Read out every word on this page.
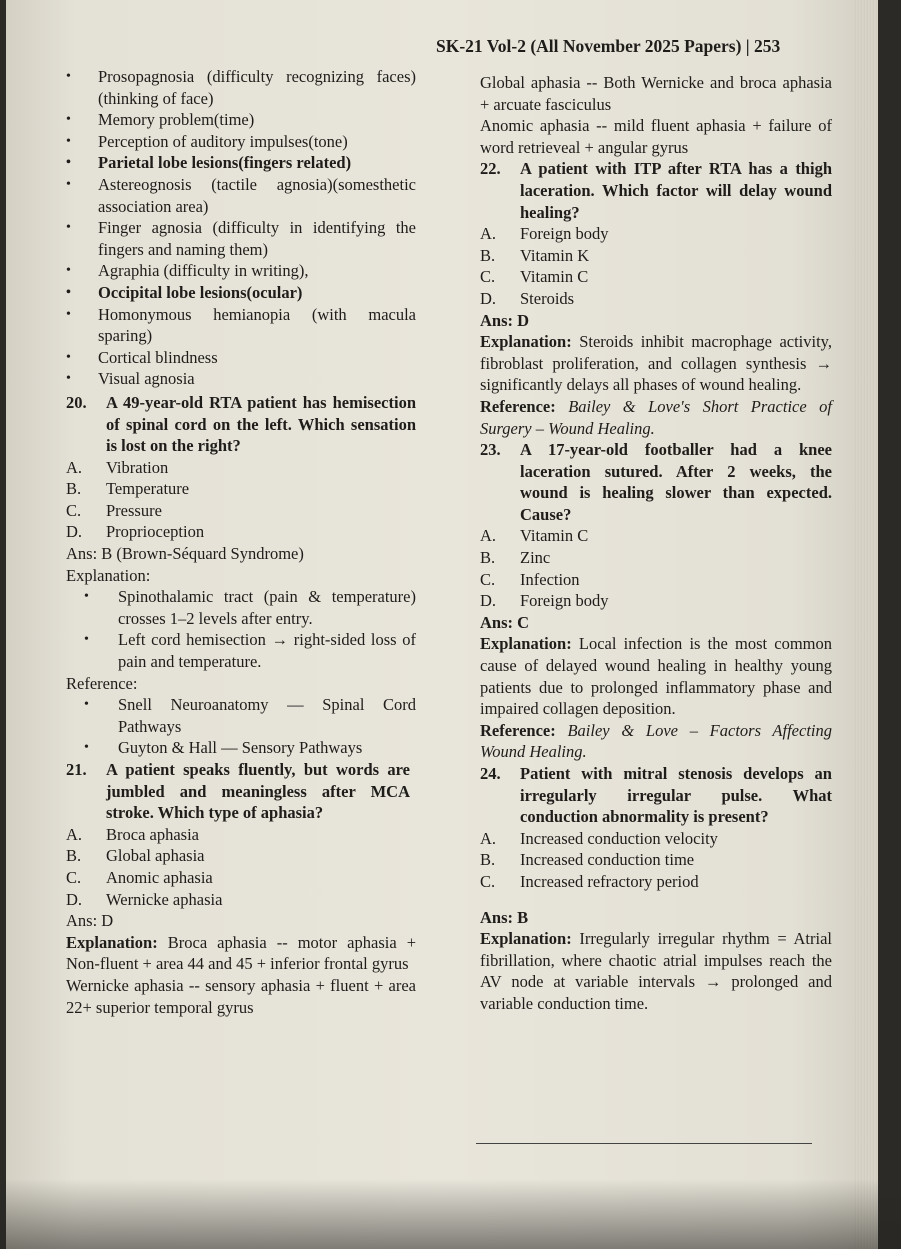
SK-21 Vol-2 (All November 2025 Papers) | 253
• Prosopagnosia (difficulty recognizing faces)(thinking of face)
• Memory problem(time)
• Perception of auditory impulses(tone)
• Parietal lobe lesions(fingers related)
• Astereognosis (tactile agnosia)(somesthetic association area)
• Finger agnosia (difficulty in identifying the fingers and naming them)
• Agraphia (difficulty in writing),
• Occipital lobe lesions(ocular)
• Homonymous hemianopia (with macula sparing)
• Cortical blindness
• Visual agnosia
20. A 49-year-old RTA patient has hemisection of spinal cord on the left. Which sensation is lost on the right?
A. Vibration
B. Temperature
C. Pressure
D. Proprioception
Ans: B (Brown-Séquard Syndrome)
Explanation:
• Spinothalamic tract (pain & temperature) crosses 1–2 levels after entry.
• Left cord hemisection → right-sided loss of pain and temperature.
Reference:
• Snell Neuroanatomy — Spinal Cord Pathways
• Guyton & Hall — Sensory Pathways
21. A patient speaks fluently, but words are jumbled and meaningless after MCA stroke. Which type of aphasia?
A. Broca aphasia
B. Global aphasia
C. Anomic aphasia
D. Wernicke aphasia
Ans: D
Explanation: Broca aphasia -- motor aphasia + Non-fluent + area 44 and 45 + inferior frontal gyrus
Wernicke aphasia -- sensory aphasia + fluent + area 22+ superior temporal gyrus
Global aphasia -- Both Wernicke and broca aphasia + arcuate fasciculus
Anomic aphasia -- mild fluent aphasia + failure of word retrieveal + angular gyrus
22. A patient with ITP after RTA has a thigh laceration. Which factor will delay wound healing?
A. Foreign body
B. Vitamin K
C. Vitamin C
D. Steroids
Ans: D
Explanation: Steroids inhibit macrophage activity, fibroblast proliferation, and collagen synthesis → significantly delays all phases of wound healing.
Reference: Bailey & Love's Short Practice of Surgery – Wound Healing.
23. A 17-year-old footballer had a knee laceration sutured. After 2 weeks, the wound is healing slower than expected. Cause?
A. Vitamin C
B. Zinc
C. Infection
D. Foreign body
Ans: C
Explanation: Local infection is the most common cause of delayed wound healing in healthy young patients due to prolonged inflammatory phase and impaired collagen deposition.
Reference: Bailey & Love – Factors Affecting Wound Healing.
24. Patient with mitral stenosis develops an irregularly irregular pulse. What conduction abnormality is present?
A. Increased conduction velocity
B. Increased conduction time
C. Increased refractory period
Ans: B
Explanation: Irregularly irregular rhythm = Atrial fibrillation, where chaotic atrial impulses reach the AV node at variable intervals → prolonged and variable conduction time.
